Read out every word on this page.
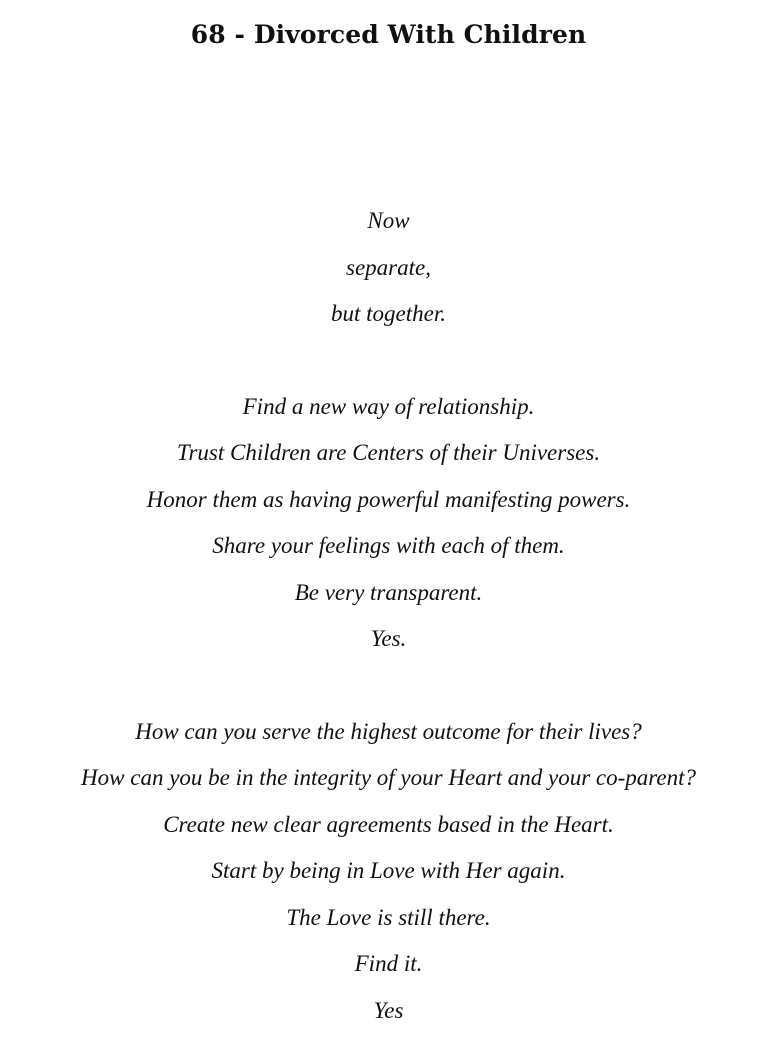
68 - Divorced With Children
Now
separate,
but together.
Find a new way of relationship.
Trust Children are Centers of their Universes.
Honor them as having powerful manifesting powers.
Share your feelings with each of them.
Be very transparent.
Yes.
How can you serve the highest outcome for their lives?
How can you be in the integrity of your Heart and your co-parent?
Create new clear agreements based in the Heart.
Start by being in Love with Her again.
The Love is still there.
Find it.
Yes
